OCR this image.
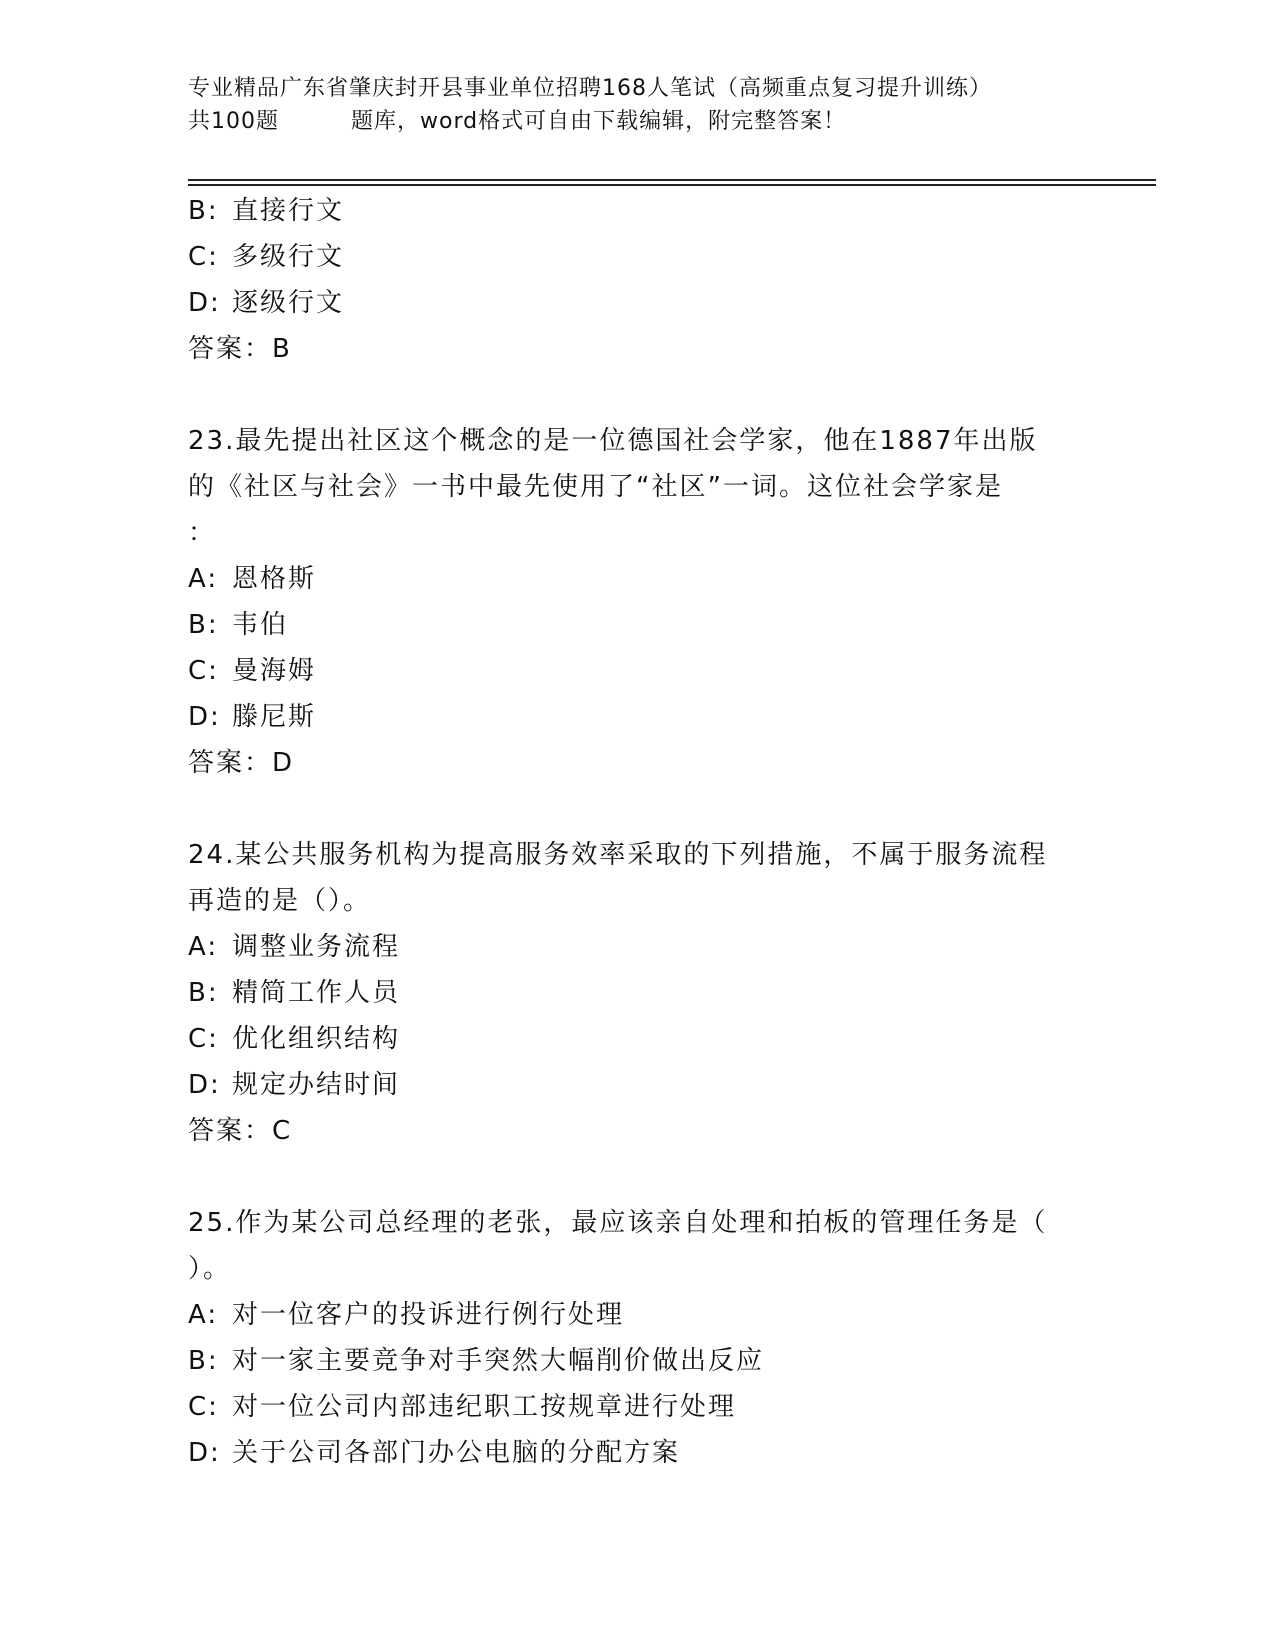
专业精品广东省肇庆封开县事业单位招聘168人笔试（高频重点复习提升训练）
共100题	题库，word格式可自由下载编辑，附完整答案！
B: 直接行文
C: 多级行文
D: 逐级行文
答案：B
23.最先提出社区这个概念的是一位德国社会学家，他在1887年出版
的《社区与社会》一书中最先使用了“社区”一词。这位社会学家是
：
A: 恩格斯
B: 韦伯
C: 曼海姆
D: 滕尼斯
答案：D
24.某公共服务机构为提高服务效率采取的下列措施，不属于服务流程
再造的是（）。
A: 调整业务流程
B: 精简工作人员
C: 优化组织结构
D: 规定办结时间
答案：C
25.作为某公司总经理的老张，最应该亲自处理和拍板的管理任务是（
）。
A: 对一位客户的投诉进行例行处理
B: 对一家主要竞争对手突然大幅削价做出反应
C: 对一位公司内部违纪职工按规章进行处理
D: 关于公司各部门办公电脑的分配方案
